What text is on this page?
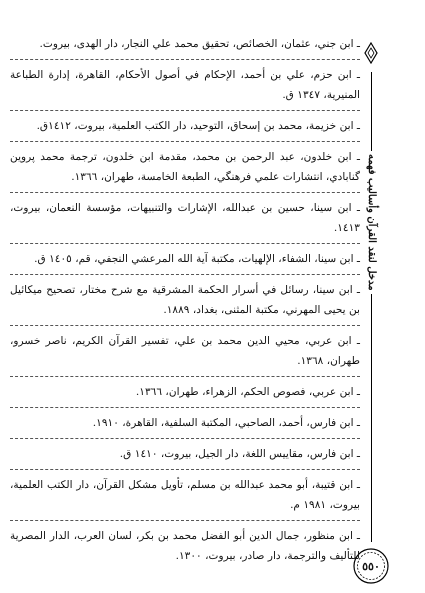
مدخل لنقد القرآن وأساليب فهمه
٥٥٠
ـ ابن جني، عثمان، الخصائص، تحقيق محمد علي النجار، دار الهدى، بيروت.
ـ ابن حزم، علي بن أحمد، الإحكام في أصول الأحكام، القاهرة، إدارة الطباعة المنيرية، ١٣٤٧ ق.
ـ ابن خزيمة، محمد بن إسحاق، التوحيد، دار الكتب العلمية، بيروت، ١٤١٢ق.
ـ ابن خلدون، عبد الرحمن بن محمد، مقدمة ابن خلدون، ترجمة محمد پروين گنابادي، انتشارات علمي فرهنگي، الطبعة الخامسة، طهران، ١٣٦٦.
ـ ابن سينا، حسين بن عبدالله، الإشارات والتنبيهات، مؤسسة النعمان، بيروت، ١٤١٣.
ـ ابن سينا، الشفاء، الإلهيات، مكتبة آية الله المرعشي النجفي، قم، ١٤٠٥ ق.
ـ ابن سينا، رسائل في أسرار الحكمة المشرقية مع شرح مختار، تصحيح ميكائيل بن يحيى المهرني، مكتبة المثنى، بغداد، ١٨٨٩.
ـ ابن عربي، محيي الدين محمد بن علي، تفسير القرآن الكريم، ناصر خسرو، طهران، ١٣٦٨.
ـ ابن عربي، فصوص الحكم، الزهراء، طهران، ١٣٦٦.
ـ ابن فارس، أحمد، الصاحبي، المكتبة السلفية، القاهرة، ١٩١٠.
ـ ابن فارس، مقاييس اللغة، دار الجيل، بيروت، ١٤١٠ ق.
ـ ابن قتيبة، أبو محمد عبدالله بن مسلم، تأويل مشكل القرآن، دار الكتب العلمية، بيروت، ١٩٨١ م.
ـ ابن منظور، جمال الدين أبو الفضل محمد بن بكر، لسان العرب، الدار المصرية للتأليف والترجمة، دار صادر، بيروت، ١٣٠٠.
